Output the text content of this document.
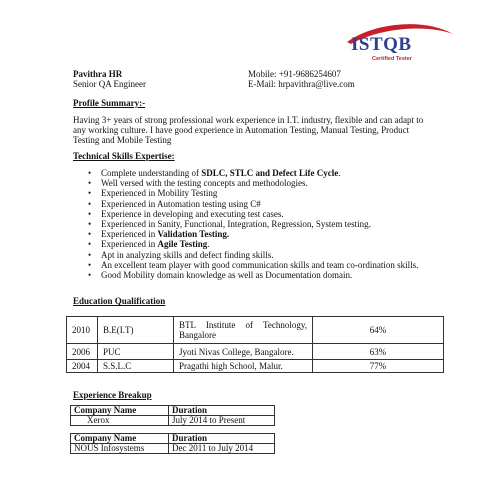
ISTQB
Certified Tester
Pavithra HR
Senior QA Engineer
Mobile: +91-9686254607
E-Mail: hrpavithra@live.com
Profile Summary:-
Having 3+ years of strong professional work experience in I.T. industry, flexible and can adapt to any working culture. I have good experience in Automation Testing, Manual Testing, Product Testing and Mobile Testing
Technical Skills Expertise:
• Complete understanding of SDLC, STLC and Defect Life Cycle.
• Well versed with the testing concepts and methodologies.
• Experienced in Mobility Testing
• Experienced in Automation testing using C#
• Experience in developing and executing test cases.
• Experienced in Sanity, Functional, Integration, Regression, System testing.
• Experienced in Validation Testing.
• Experienced in Agile Testing.
• Apt in analyzing skills and defect finding skills.
• An excellent team player with good communication skills and team co-ordination skills.
• Good Mobility domain knowledge as well as Documentation domain.
Education Qualification
2010	B.E(I.T)	BTL Institute of Technology, Bangalore	64%
2006	PUC	Jyoti Nivas College, Bangalore.	63%
2004	S.S.L.C	Pragathi high School, Malur.	77%
Experience Breakup
Company Name	Duration
Xerox	July 2014 to Present
Company Name	Duration
NOUS Infosystems	Dec 2011 to July 2014
